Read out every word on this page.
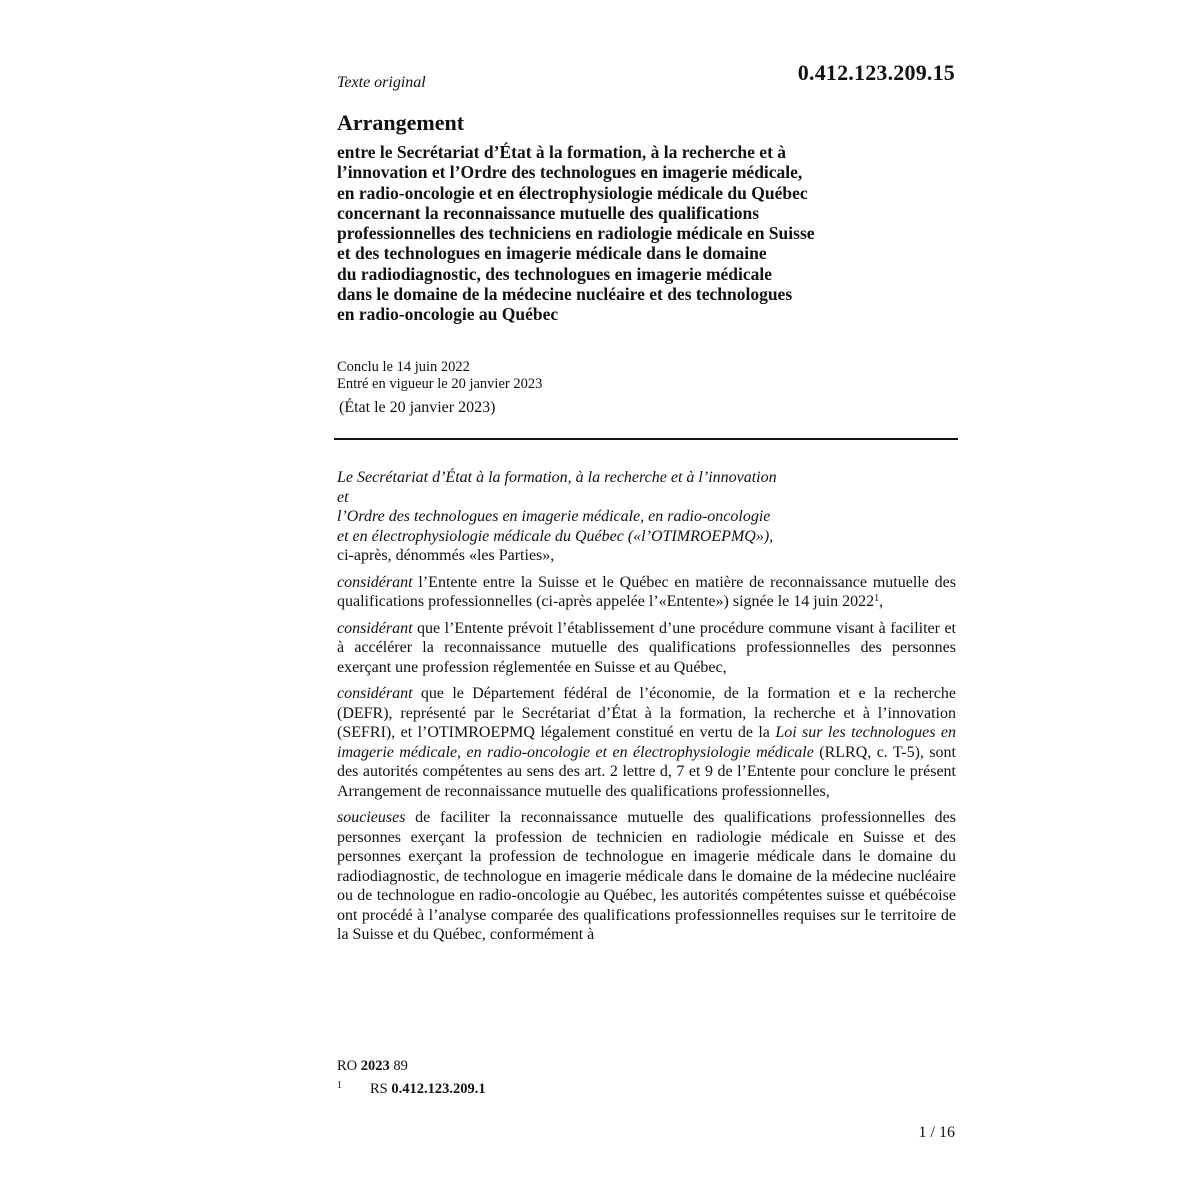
0.412.123.209.15
Texte original
Arrangement
entre le Secrétariat d’État à la formation, à la recherche et à
l’innovation et l’Ordre des technologues en imagerie médicale,
en radio-oncologie et en électrophysiologie médicale du Québec
concernant la reconnaissance mutuelle des qualifications
professionnelles des techniciens en radiologie médicale en Suisse
et des technologues en imagerie médicale dans le domaine
du radiodiagnostic, des technologues en imagerie médicale
dans le domaine de la médecine nucléaire et des technologues
en radio-oncologie au Québec
Conclu le 14 juin 2022
Entré en vigueur le 20 janvier 2023
(État le 20 janvier 2023)
Le Secrétariat d’État à la formation, à la recherche et à l’innovation
et
l’Ordre des technologues en imagerie médicale, en radio-oncologie
et en électrophysiologie médicale du Québec («l’OTIMROEPMQ»),
ci-après, dénommés «les Parties»,

considérant l’Entente entre la Suisse et le Québec en matière de reconnaissance mutuelle des qualifications professionnelles (ci-après appelée l’«Entente») signée le 14 juin 2022$^1$,

considérant que l’Entente prévoit l’établissement d’une procédure commune visant à faciliter et à accélérer la reconnaissance mutuelle des qualifications professionnelles des personnes exerçant une profession réglementée en Suisse et au Québec,

considérant que le Département fédéral de l’économie, de la formation et e la recherche (DEFR), représenté par le Secrétariat d’État à la formation, la recherche et à l’innovation (SEFRI), et l’OTIMROEPMQ légalement constitué en vertu de la Loi sur les technologues en imagerie médicale, en radio-oncologie et en électrophysiologie médicale (RLRQ, c. T-5), sont des autorités compétentes au sens des art. 2 lettre d, 7 et 9 de l’Entente pour conclure le présent Arrangement de reconnaissance mutuelle des qualifications professionnelles,

soucieuses de faciliter la reconnaissance mutuelle des qualifications professionnelles des personnes exerçant la profession de technicien en radiologie médicale en Suisse et des personnes exerçant la profession de technologue en imagerie médicale dans le domaine du radiodiagnostic, de technologue en imagerie médicale dans le domaine de la médecine nucléaire ou de technologue en radio-oncologie au Québec, les autorités compétentes suisse et québécoise ont procédé à l’analyse comparée des qualifications professionnelles requises sur le territoire de la Suisse et du Québec, conformément à

RO 2023 89
1 RS 0.412.123.209.1
1 / 16
